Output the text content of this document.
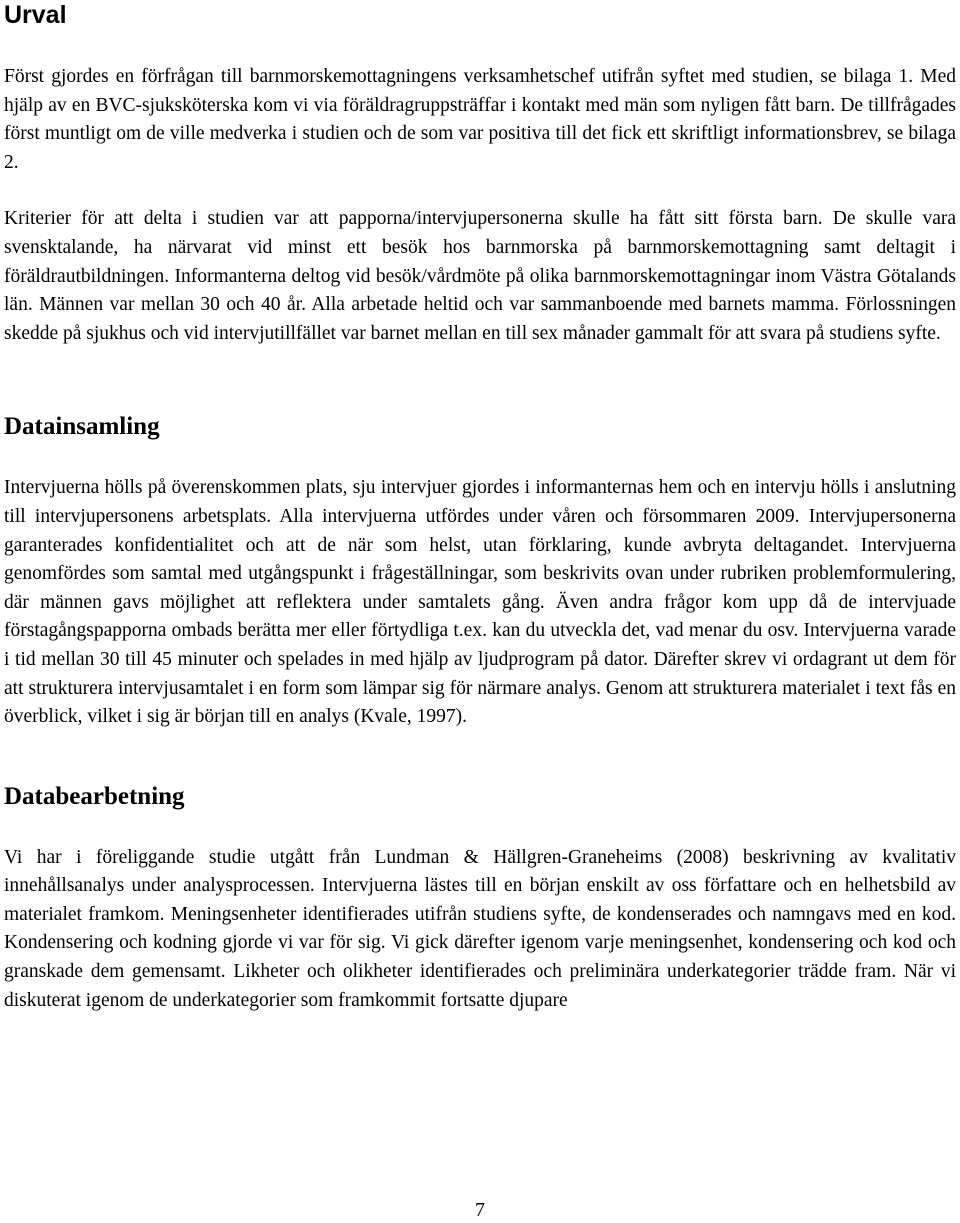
Urval

Först gjordes en förfrågan till barnmorskemottagningens verksamhetschef utifrån syftet med studien, se bilaga 1. Med hjälp av en BVC-sjuksköterska kom vi via föräldragruppsträffar i kontakt med män som nyligen fått barn. De tillfrågades först muntligt om de ville medverka i studien och de som var positiva till det fick ett skriftligt informationsbrev, se bilaga 2.

Kriterier för att delta i studien var att papporna/intervjupersonerna skulle ha fått sitt första barn. De skulle vara svensktalande, ha närvarat vid minst ett besök hos barnmorska på barnmorskemottagning samt deltagit i föräldrautbildningen. Informanterna deltog vid besök/vårdmöte på olika barnmorskemottagningar inom Västra Götalands län. Männen var mellan 30 och 40 år. Alla arbetade heltid och var sammanboende med barnets mamma. Förlossningen skedde på sjukhus och vid intervjutillfället var barnet mellan en till sex månader gammalt för att svara på studiens syfte.

Datainsamling

Intervjuerna hölls på överenskommen plats, sju intervjuer gjordes i informanternas hem och en intervju hölls i anslutning till intervjupersonens arbetsplats. Alla intervjuerna utfördes under våren och försommaren 2009. Intervjupersonerna garanterades konfidentialitet och att de när som helst, utan förklaring, kunde avbryta deltagandet. Intervjuerna genomfördes som samtal med utgångspunkt i frågeställningar, som beskrivits ovan under rubriken problemformulering, där männen gavs möjlighet att reflektera under samtalets gång. Även andra frågor kom upp då de intervjuade förstagångspapporna ombads berätta mer eller förtydliga t.ex. kan du utveckla det, vad menar du osv. Intervjuerna varade i tid mellan 30 till 45 minuter och spelades in med hjälp av ljudprogram på dator. Därefter skrev vi ordagrant ut dem för att strukturera intervjusamtalet i en form som lämpar sig för närmare analys. Genom att strukturera materialet i text fås en överblick, vilket i sig är början till en analys (Kvale, 1997).

Databearbetning

Vi har i föreliggande studie utgått från Lundman & Hällgren-Graneheims (2008) beskrivning av kvalitativ innehållsanalys under analysprocessen. Intervjuerna lästes till en början enskilt av oss författare och en helhetsbild av materialet framkom. Meningsenheter identifierades utifrån studiens syfte, de kondenserades och namngavs med en kod. Kondensering och kodning gjorde vi var för sig. Vi gick därefter igenom varje meningsenhet, kondensering och kod och granskade dem gemensamt. Likheter och olikheter identifierades och preliminära underkategorier trädde fram. När vi diskuterat igenom de underkategorier som framkommit fortsatte djupare

7
